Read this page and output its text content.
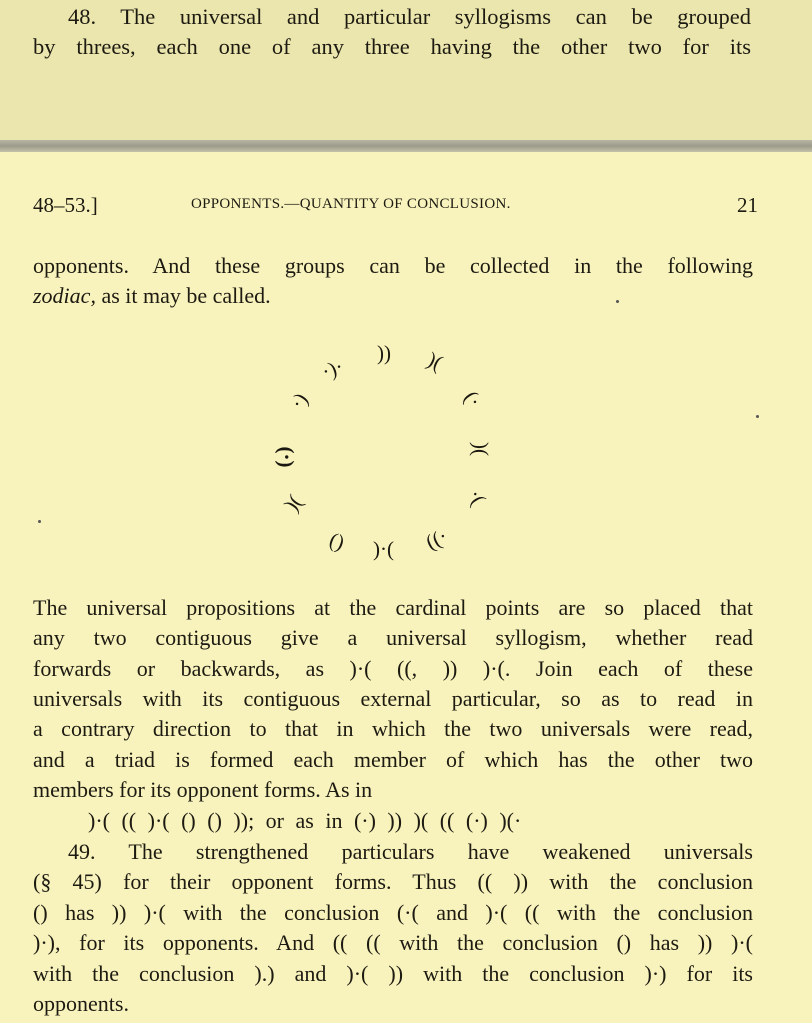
48. The universal and particular syllogisms can be grouped
by threes, each one of any three having the other two for its
48–53.]	OPPONENTS.—QUANTITY OF CONCLUSION.	21
opponents. And these groups can be collected in the following
zodiac, as it may be called.
·)·
)) )(
·)	(·
(·)	)(
)(	·(
() )·( ((·
The universal propositions at the cardinal points are so placed that
any two contiguous give a universal syllogism, whether read
forwards or backwards, as )·( ((, )) )·(. Join each of these
universals with its contiguous external particular, so as to read in
a contrary direction to that in which the two universals were read,
and a triad is formed each member of which has the other two
members for its opponent forms. As in
)·( (( )·( () () )); or as in (·) )) )( (( (·) )(·
49. The strengthened particulars have weakened universals
(§ 45) for their opponent forms. Thus (( )) with the conclusion
() has )) )·( with the conclusion (·( and )·( (( with the conclusion
)·), for its opponents. And (( (( with the conclusion () has )) )·(
with the conclusion ).) and )·( )) with the conclusion )·) for its
opponents.
